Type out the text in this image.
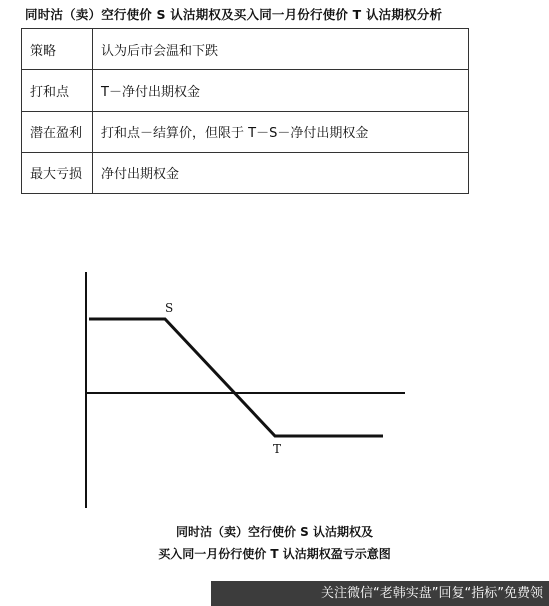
同时沽（卖）空行使价 S 认沽期权及买入同一月份行使价 T 认沽期权分析
策略	认为后市会温和下跌
打和点	T－净付出期权金
潜在盈利	打和点－结算价，但限于 T－S－净付出期权金
最大亏损	净付出期权金
S
T
同时沽（卖）空行使价 S 认沽期权及
买入同一月份行使价 T 认沽期权盈亏示意图
关注微信“老韩实盘”回复“指标”免费领
